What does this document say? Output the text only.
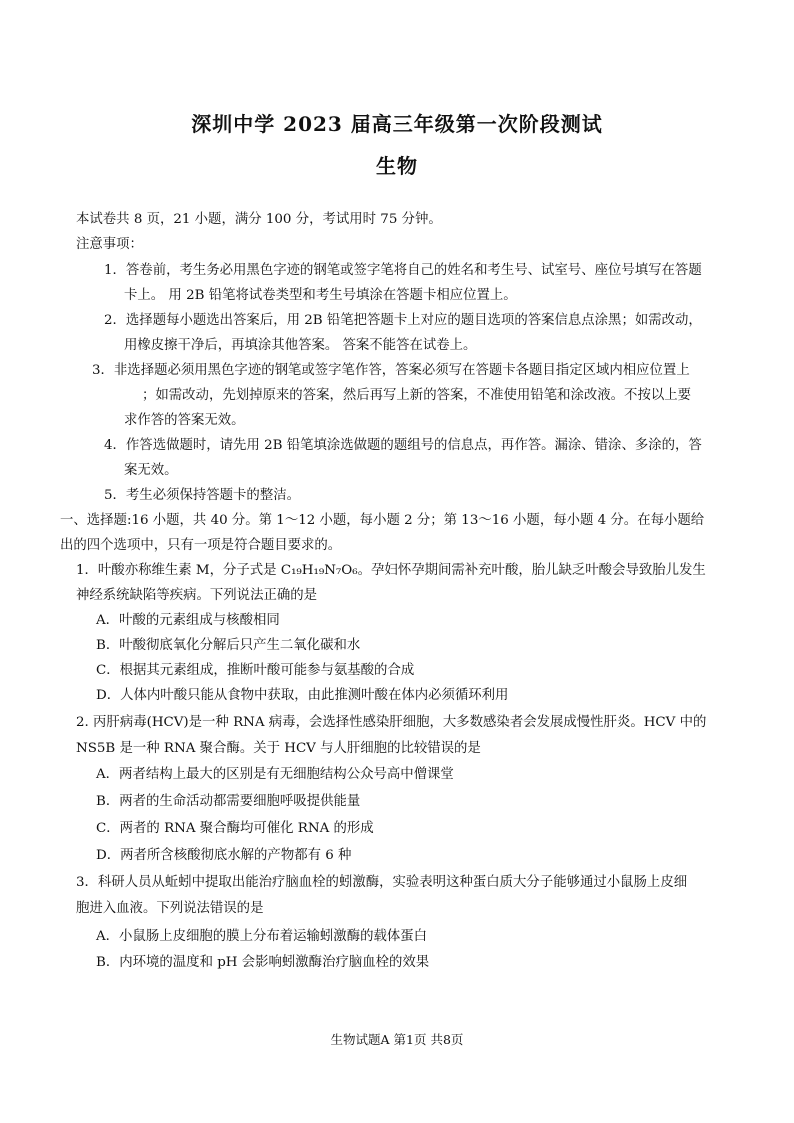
深圳中学 2023 届高三年级第一次阶段测试
生物
本试卷共 8 页，21 小题，满分 100 分，考试用时 75 分钟。
注意事项：
1．答卷前，考生务必用黑色字迹的钢笔或签字笔将自己的姓名和考生号、试室号、座位号填写在答题
卡上。 用 2B 铅笔将试卷类型和考生号填涂在答题卡相应位置上。
2．选择题每小题选出答案后，用 2B 铅笔把答题卡上对应的题目选项的答案信息点涂黑；如需改动，
用橡皮擦干净后，再填涂其他答案。 答案不能答在试卷上。
3．非选择题必须用黑色字迹的钢笔或签字笔作答，答案必须写在答题卡各题目指定区域内相应位置上
；如需改动，先划掉原来的答案，然后再写上新的答案，不准使用铅笔和涂改液。不按以上要
求作答的答案无效。
4．作答选做题时，请先用 2B 铅笔填涂选做题的题组号的信息点，再作答。漏涂、错涂、多涂的，答
案无效。
5．考生必须保持答题卡的整洁。
一、选择题:16 小题，共 40 分。第 1～12 小题，每小题 2 分；第 13～16 小题，每小题 4 分。在每小题给
出的四个选项中，只有一项是符合题目要求的。
1．叶酸亦称维生素 M，分子式是 C₁₉H₁₉N₇O₆。孕妇怀孕期间需补充叶酸，胎儿缺乏叶酸会导致胎儿发生
神经系统缺陷等疾病。下列说法正确的是
A．叶酸的元素组成与核酸相同
B．叶酸彻底氧化分解后只产生二氧化碳和水
C．根据其元素组成，推断叶酸可能参与氨基酸的合成
D．人体内叶酸只能从食物中获取，由此推测叶酸在体内必须循环利用
2. 丙肝病毒(HCV)是一种 RNA 病毒，会选择性感染肝细胞，大多数感染者会发展成慢性肝炎。HCV 中的
NS5B 是一种 RNA 聚合酶。关于 HCV 与人肝细胞的比较错误的是
A．两者结构上最大的区别是有无细胞结构公众号高中僧课堂
B．两者的生命活动都需要细胞呼吸提供能量
C．两者的 RNA 聚合酶均可催化 RNA 的形成
D．两者所含核酸彻底水解的产物都有 6 种
3．科研人员从蚯蚓中提取出能治疗脑血栓的蚓激酶，实验表明这种蛋白质大分子能够通过小鼠肠上皮细
胞进入血液。下列说法错误的是
A．小鼠肠上皮细胞的膜上分布着运输蚓激酶的载体蛋白
B．内环境的温度和 pH 会影响蚓激酶治疗脑血栓的效果
生物试题A 第1页 共8页
